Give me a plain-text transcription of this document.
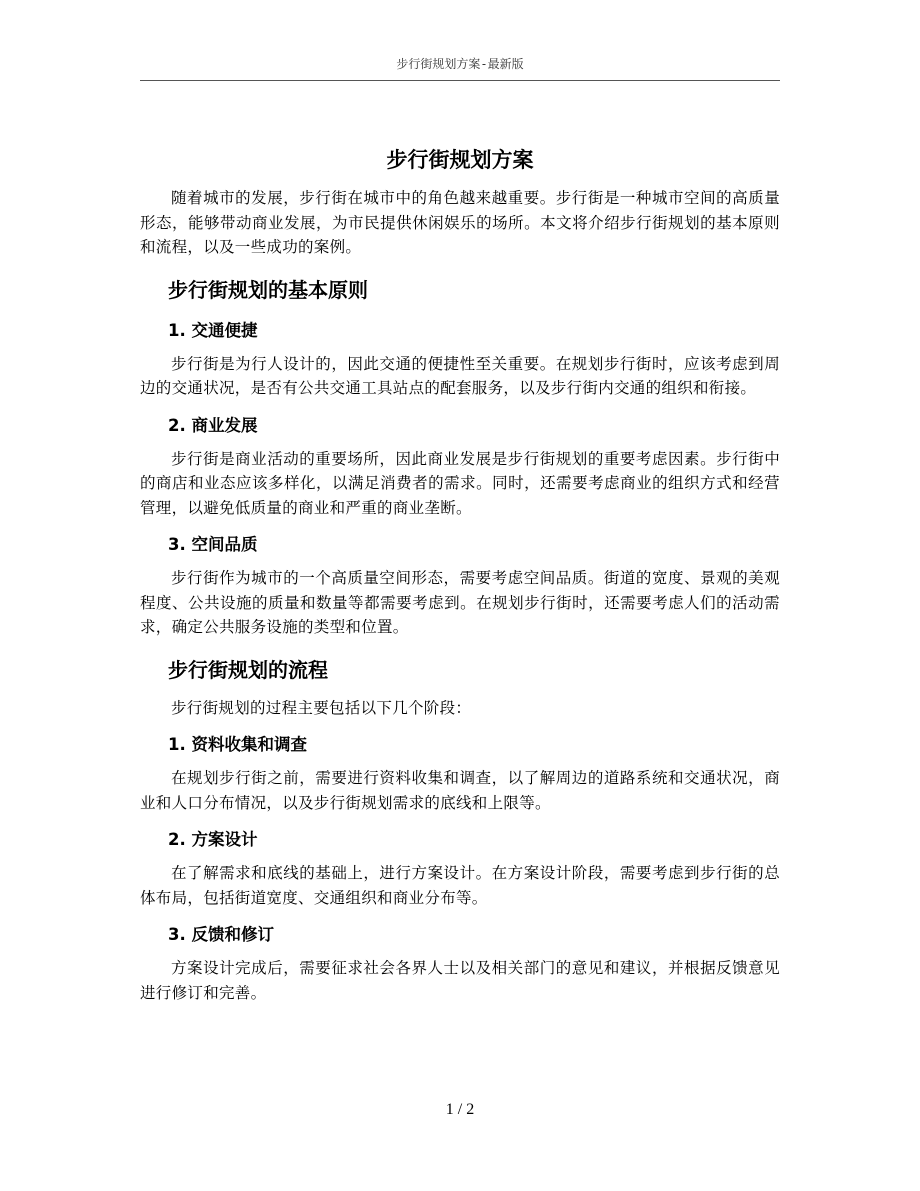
步行街规划方案-最新版
步行街规划方案

随着城市的发展，步行街在城市中的角色越来越重要。步行街是一种城市空间的高质量形态，能够带动商业发展，为市民提供休闲娱乐的场所。本文将介绍步行街规划的基本原则和流程，以及一些成功的案例。

步行街规划的基本原则
1. 交通便捷

步行街是为行人设计的，因此交通的便捷性至关重要。在规划步行街时，应该考虑到周边的交通状况，是否有公共交通工具站点的配套服务，以及步行街内交通的组织和衔接。

2. 商业发展

步行街是商业活动的重要场所，因此商业发展是步行街规划的重要考虑因素。步行街中的商店和业态应该多样化，以满足消费者的需求。同时，还需要考虑商业的组织方式和经营管理，以避免低质量的商业和严重的商业垄断。

3. 空间品质

步行街作为城市的一个高质量空间形态，需要考虑空间品质。街道的宽度、景观的美观程度、公共设施的质量和数量等都需要考虑到。在规划步行街时，还需要考虑人们的活动需求，确定公共服务设施的类型和位置。

步行街规划的流程

步行街规划的过程主要包括以下几个阶段：

1. 资料收集和调查

在规划步行街之前，需要进行资料收集和调查，以了解周边的道路系统和交通状况，商业和人口分布情况，以及步行街规划需求的底线和上限等。

2. 方案设计

在了解需求和底线的基础上，进行方案设计。在方案设计阶段，需要考虑到步行街的总体布局，包括街道宽度、交通组织和商业分布等。

3. 反馈和修订

方案设计完成后，需要征求社会各界人士以及相关部门的意见和建议，并根据反馈意见进行修订和完善。

1 / 2
